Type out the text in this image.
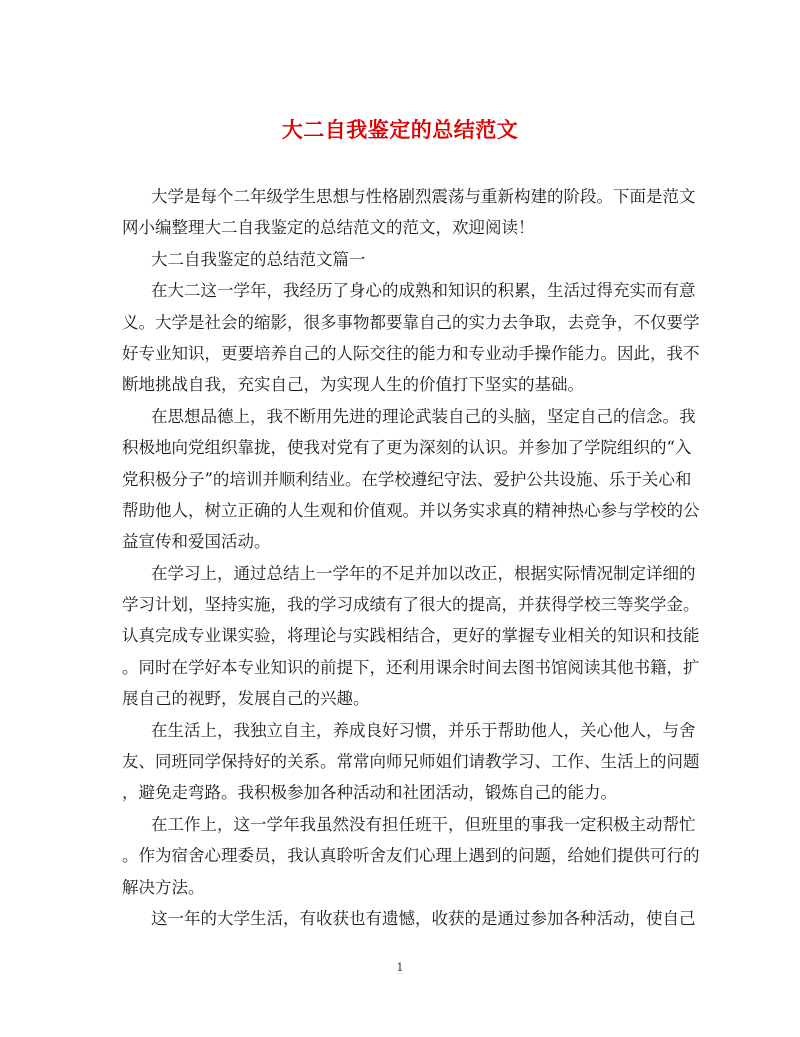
大二自我鉴定的总结范文
大学是每个二年级学生思想与性格剧烈震荡与重新构建的阶段。下面是范文
网小编整理大二自我鉴定的总结范文的范文，欢迎阅读！
大二自我鉴定的总结范文篇一
在大二这一学年，我经历了身心的成熟和知识的积累，生活过得充实而有意
义。大学是社会的缩影，很多事物都要靠自己的实力去争取，去竞争，不仅要学
好专业知识，更要培养自己的人际交往的能力和专业动手操作能力。因此，我不
断地挑战自我，充实自己，为实现人生的价值打下坚实的基础。
在思想品德上，我不断用先进的理论武装自己的头脑，坚定自己的信念。我
积极地向党组织靠拢，使我对党有了更为深刻的认识。并参加了学院组织的“入
党积极分子”的培训并顺利结业。在学校遵纪守法、爱护公共设施、乐于关心和
帮助他人，树立正确的人生观和价值观。并以务实求真的精神热心参与学校的公
益宣传和爱国活动。
在学习上，通过总结上一学年的不足并加以改正，根据实际情况制定详细的
学习计划，坚持实施，我的学习成绩有了很大的提高，并获得学校三等奖学金。
认真完成专业课实验，将理论与实践相结合，更好的掌握专业相关的知识和技能
。同时在学好本专业知识的前提下，还利用课余时间去图书馆阅读其他书籍，扩
展自己的视野，发展自己的兴趣。
在生活上，我独立自主，养成良好习惯，并乐于帮助他人，关心他人，与舍
友、同班同学保持好的关系。常常向师兄师姐们请教学习、工作、生活上的问题
，避免走弯路。我积极参加各种活动和社团活动，锻炼自己的能力。
在工作上，这一学年我虽然没有担任班干，但班里的事我一定积极主动帮忙
。作为宿舍心理委员，我认真聆听舍友们心理上遇到的问题，给她们提供可行的
解决方法。
这一年的大学生活，有收获也有遗憾，收获的是通过参加各种活动，使自己
1
